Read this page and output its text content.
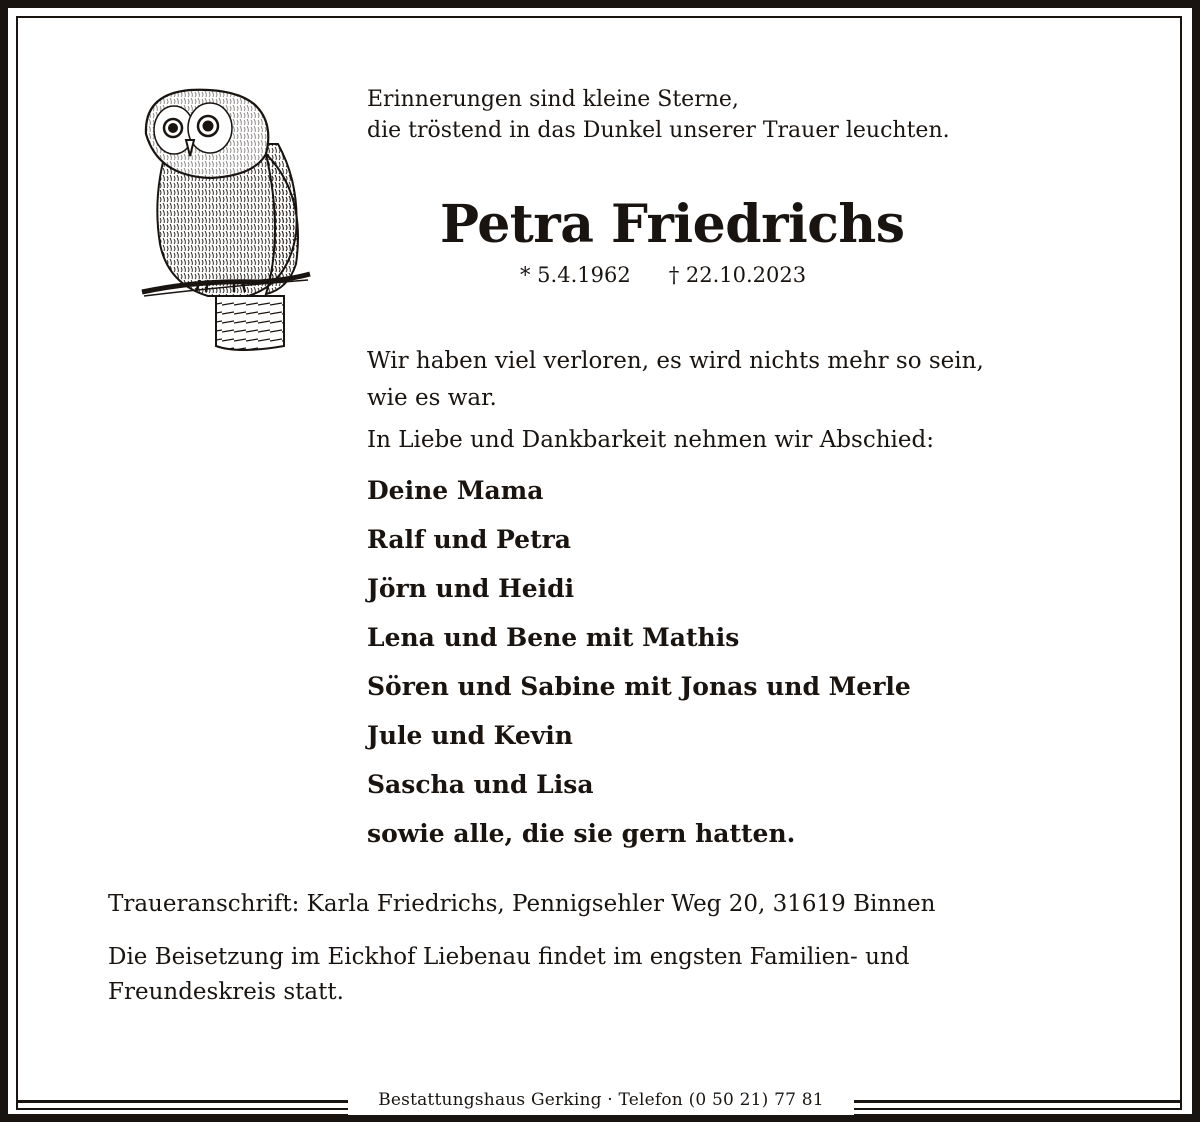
Erinnerungen sind kleine Sterne,
die tröstend in das Dunkel unserer Trauer leuchten.
Petra Friedrichs
* 5.4.1962 † 22.10.2023
Wir haben viel verloren, es wird nichts mehr so sein,
wie es war.
In Liebe und Dankbarkeit nehmen wir Abschied:
Deine Mama
Ralf und Petra
Jörn und Heidi
Lena und Bene mit Mathis
Sören und Sabine mit Jonas und Merle
Jule und Kevin
Sascha und Lisa
sowie alle, die sie gern hatten.
Traueranschrift: Karla Friedrichs, Pennigsehler Weg 20, 31619 Binnen
Die Beisetzung im Eickhof Liebenau findet im engsten Familien- und
Freundeskreis statt.
Bestattungshaus Gerking · Telefon (0 50 21) 77 81
